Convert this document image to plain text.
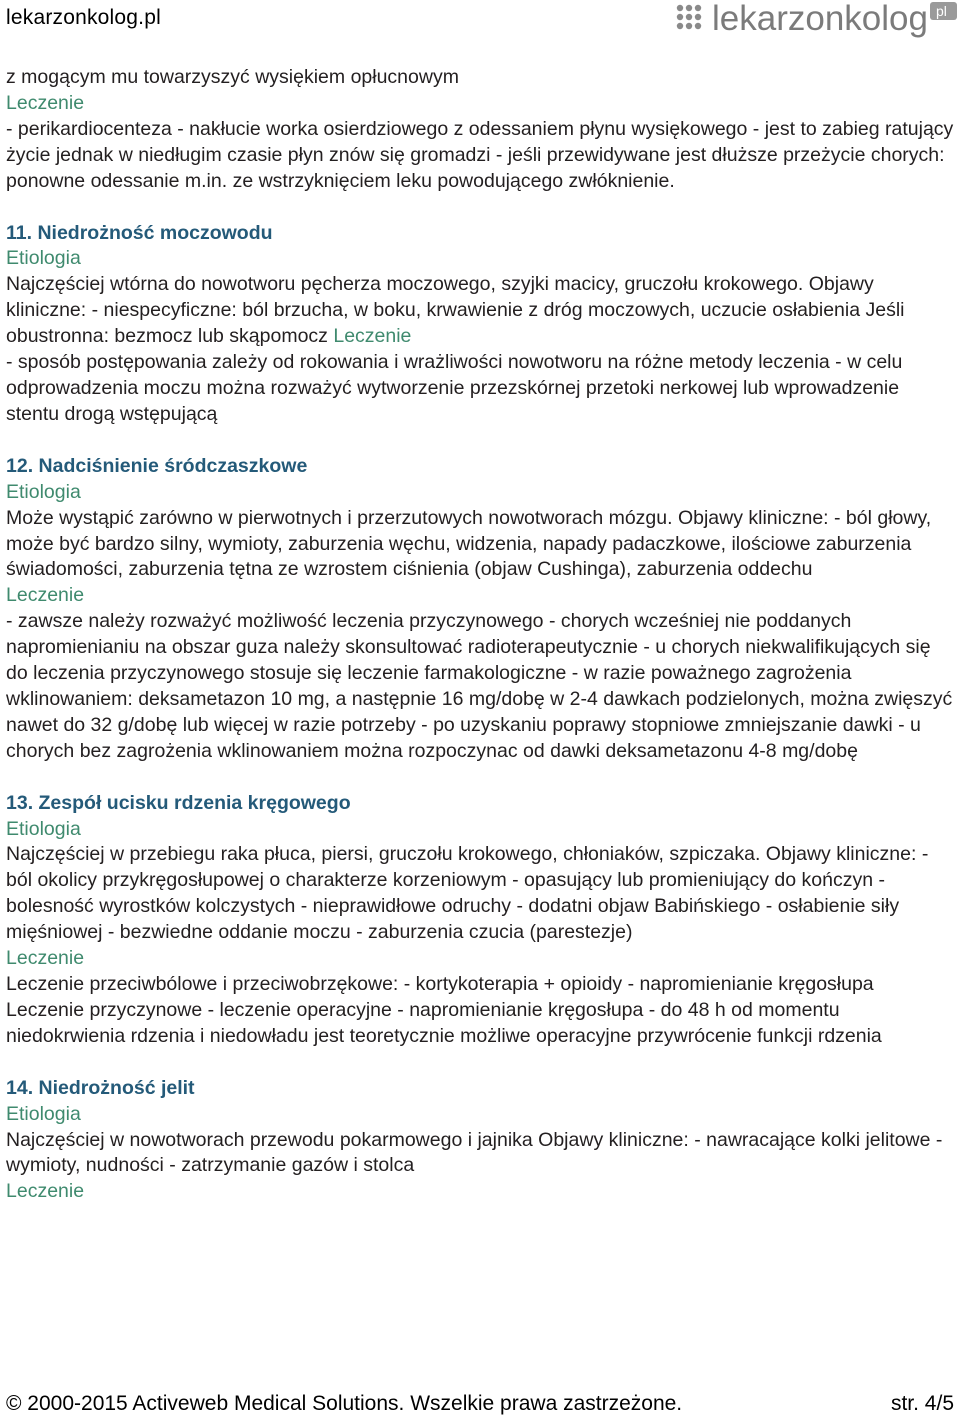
lekarzonkolog.pl	lekarzonkolog pl

z mogącym mu towarzyszyć wysiękiem opłucnowym

Leczenie

- perikardiocenteza - nakłucie worka osierdziowego z odessaniem płynu wysiękowego - jest to zabieg ratujący życie jednak w niedługim czasie płyn znów się gromadzi - jeśli przewidywane jest dłuższe przeżycie chorych: ponowne odessanie m.in. ze wstrzyknięciem leku powodującego zwłóknienie.

11. Niedrożność moczowodu

Etiologia

Najczęściej wtórna do nowotworu pęcherza moczowego, szyjki macicy, gruczołu krokowego. Objawy kliniczne: - niespecyficzne: ból brzucha, w boku, krwawienie z dróg moczowych, uczucie osłabienia Jeśli obustronna: bezmocz lub skąpomocz Leczenie

- sposób postępowania zależy od rokowania i wrażliwości nowotworu na różne metody leczenia - w celu odprowadzenia moczu można rozważyć wytworzenie przezskórnej przetoki nerkowej lub wprowadzenie stentu drogą wstępującą

12. Nadciśnienie śródczaszkowe

Etiologia

Może wystąpić zarówno w pierwotnych i przerzutowych nowotworach mózgu. Objawy kliniczne: - ból głowy, może być bardzo silny, wymioty, zaburzenia węchu, widzenia, napady padaczkowe, ilościowe zaburzenia świadomości, zaburzenia tętna ze wzrostem ciśnienia (objaw Cushinga), zaburzenia oddechu

Leczenie

- zawsze należy rozważyć możliwość leczenia przyczynowego - chorych wcześniej nie poddanych napromienianiu na obszar guza należy skonsultować radioterapeutycznie - u chorych niekwalifikujących się do leczenia przyczynowego stosuje się leczenie farmakologiczne - w razie poważnego zagrożenia wklinowaniem: deksametazon 10 mg, a następnie 16 mg/dobę w 2-4 dawkach podzielonych, można zwięszyć nawet do 32 g/dobę lub więcej w razie potrzeby - po uzyskaniu poprawy stopniowe zmniejszanie dawki - u chorych bez zagrożenia wklinowaniem można rozpoczynac od dawki deksametazonu 4-8 mg/dobę

13. Zespół ucisku rdzenia kręgowego

Etiologia

Najczęściej w przebiegu raka płuca, piersi, gruczołu krokowego, chłoniaków, szpiczaka. Objawy kliniczne: - ból okolicy przykręgosłupowej o charakterze korzeniowym - opasujący lub promieniujący do kończyn - bolesność wyrostków kolczystych - nieprawidłowe odruchy - dodatni objaw Babińskiego - osłabienie siły mięśniowej - bezwiedne oddanie moczu - zaburzenia czucia (parestezje)

Leczenie

Leczenie przeciwbólowe i przeciwobrzękowe: - kortykoterapia + opioidy - napromienianie kręgosłupa Leczenie przyczynowe - leczenie operacyjne - napromienianie kręgosłupa - do 48 h od momentu niedokrwienia rdzenia i niedowładu jest teoretycznie możliwe operacyjne przywrócenie funkcji rdzenia

14. Niedrożność jelit

Etiologia

Najczęściej w nowotworach przewodu pokarmowego i jajnika Objawy kliniczne: - nawracające kolki jelitowe - wymioty, nudności - zatrzymanie gazów i stolca

Leczenie

© 2000-2015 Activeweb Medical Solutions. Wszelkie prawa zastrzeżone.	str. 4/5
